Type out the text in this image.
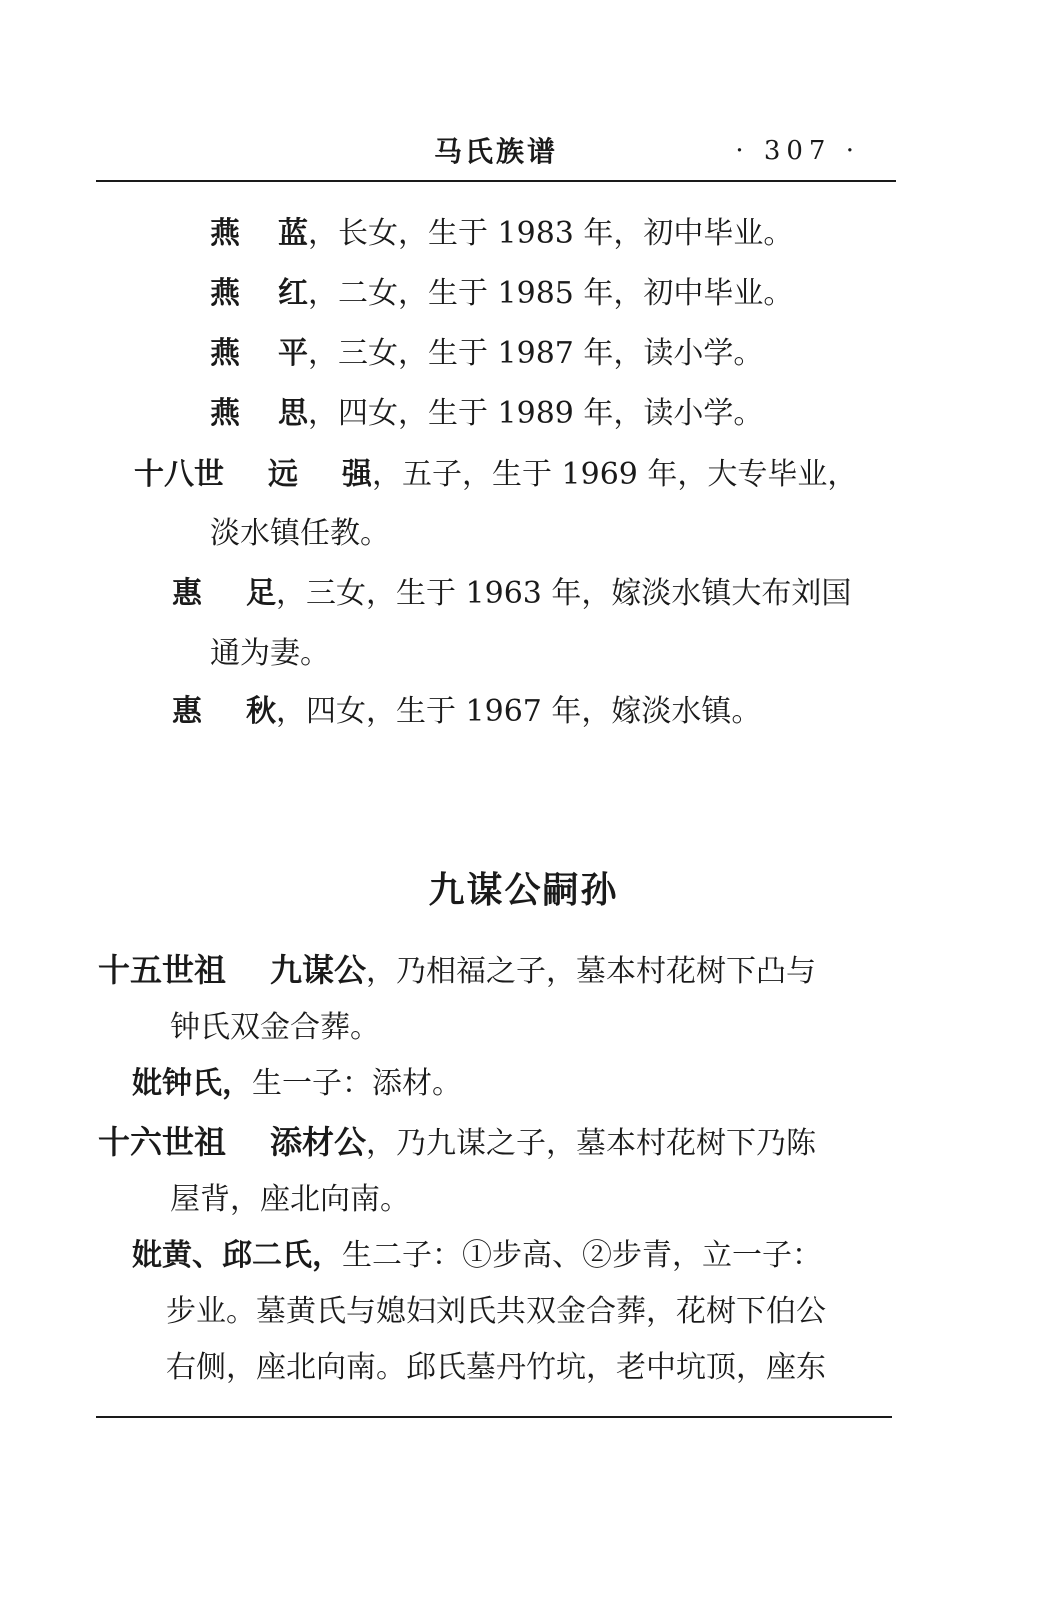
马氏族谱	· 307 ·
燕 蓝，长女，生于 1983 年，初中毕业。
燕 红，二女，生于 1985 年，初中毕业。
燕 平，三女，生于 1987 年，读小学。
燕 思，四女，生于 1989 年，读小学。
十八世 远 强，五子，生于 1969 年，大专毕业，
淡水镇任教。
惠 足，三女，生于 1963 年，嫁淡水镇大布刘国
通为妻。
惠 秋，四女，生于 1967 年，嫁淡水镇。
九谋公嗣孙
十五世祖 九谋公，乃相福之子，墓本村花树下凸与
钟氏双金合葬。
妣钟氏，生一子：添材。
十六世祖 添材公，乃九谋之子，墓本村花树下乃陈
屋背，座北向南。
妣黄、邱二氏，生二子：①步高、②步青，立一子：
步业。墓黄氏与媳妇刘氏共双金合葬，花树下伯公
右侧，座北向南。邱氏墓丹竹坑，老中坑顶，座东
